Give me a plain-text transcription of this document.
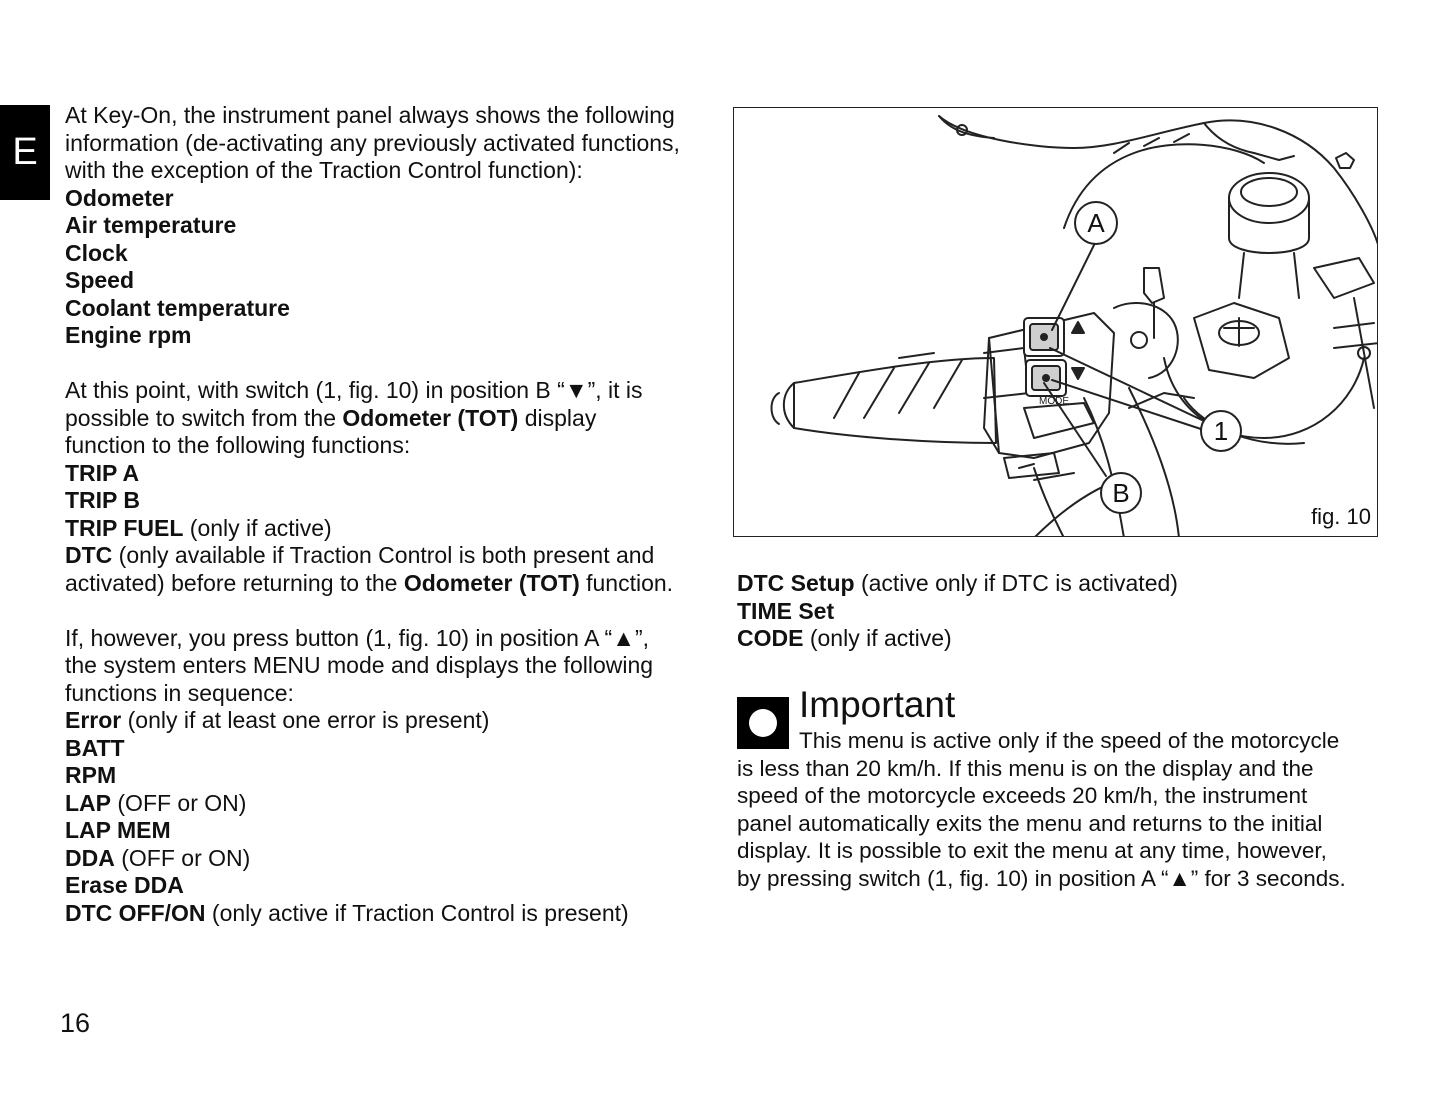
E
At Key-On, the instrument panel always shows the following
information (de-activating any previously activated functions,
with the exception of the Traction Control function):
Odometer
Air temperature
Clock
Speed
Coolant temperature
Engine rpm
At this point, with switch (1, fig. 10) in position B “▼”, it is
possible to switch from the Odometer (TOT) display
function to the following functions:
TRIP A
TRIP B
TRIP FUEL (only if active)
DTC (only available if Traction Control is both present and
activated) before returning to the Odometer (TOT) function.
If, however, you press button (1, fig. 10) in position A “▲”,
the system enters MENU mode and displays the following
functions in sequence:
Error (only if at least one error is present)
BATT
RPM
LAP (OFF or ON)
LAP MEM
DDA (OFF or ON)
Erase DDA
DTC OFF/ON (only active if Traction Control is present)
MODE
A
1
B
fig. 10
DTC Setup (active only if DTC is activated)
TIME Set
CODE (only if active)
Important
This menu is active only if the speed of the motorcycle
is less than 20 km/h. If this menu is on the display and the
speed of the motorcycle exceeds 20 km/h, the instrument
panel automatically exits the menu and returns to the initial
display. It is possible to exit the menu at any time, however,
by pressing switch (1, fig. 10) in position A “▲” for 3 seconds.
16
